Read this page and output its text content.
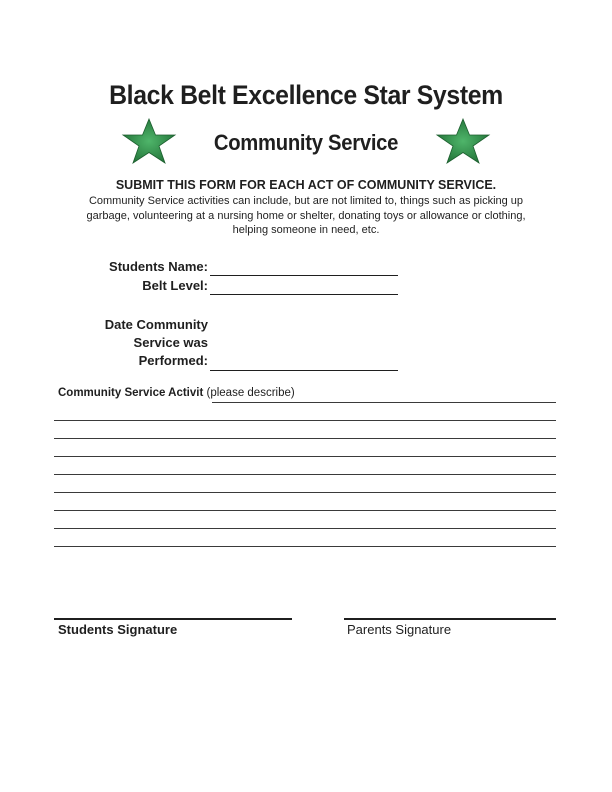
Black Belt Excellence Star System
Community Service
SUBMIT THIS FORM FOR EACH ACT OF COMMUNITY SERVICE.
Community Service activities can include, but are not limited to, things such as picking up garbage, volunteering at a nursing home or shelter, donating toys or allowance or clothing, helping someone in need, etc.
Students Name:
Belt Level:
Date Community
Service was
Performed:
Community Service Activit (please describe)
Students Signature	Parents Signature
